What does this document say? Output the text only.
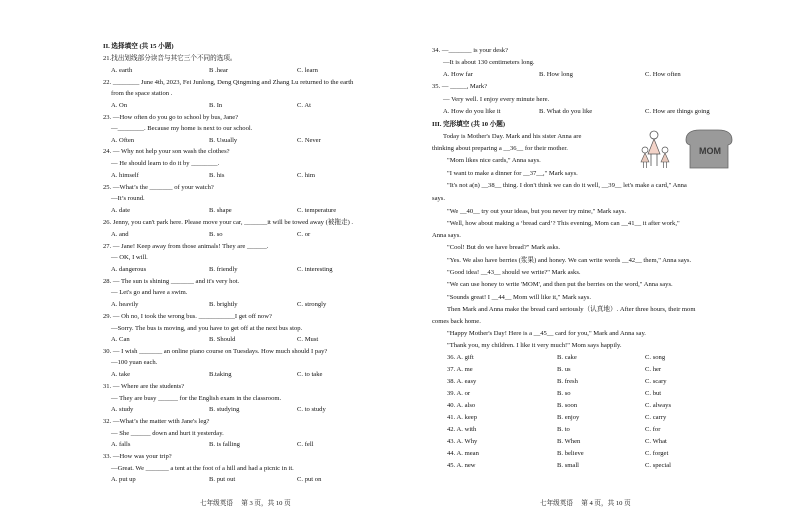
II. 选择填空 (共 15 小题)
21.找出划线部分读音与其它三个不同的选项。
A. earth	B .hear	C. learn
22. ________ June 4th, 2023, Fei Junlong, Deng Qingming and Zhang Lu returned to the earth
from the space station .
A. On	B. In	C. At
23. —How often do you go to school by bus, Jane?
—________. Because my home is next to our school.
A. Often	B. Usually	C. Never
24. — Why not help your son wash the clothes?
— He should learn to do it by ________.
A. himself	B. his	C. him
25. —What’s the _______ of your watch?
—It’s round.
A. date	B. shape	C. temperature
26. Jenny, you can't park here. Please move your car, _______it will be towed away (被拖走) .
A. and	B. so	C. or
27. — Jane! Keep away from those animals! They are ______.
— OK, I will.
A. dangerous	B. friendly	C. interesting
28. — The sun is shining _______ and it's very hot.
— Let's go and have a swim.
A. heavily	B. brightly	C. strongly
29. — Oh no, I took the wrong bus. ___________I get off now?
—Sorry. The bus is moving, and you have to get off at the next bus stop.
A. Can	B. Should	C. Must
30. — I wish _______ an online piano course on Tuesdays. How much should I pay?
—100 yuan each.
A. take	B.taking	C. to take
31. — Where are the students?
— They are busy ______ for the English exam in the classroom.
A. study	B. studying	C. to study
32. —What’s the matter with Jane's leg?
— She ______ down and hurt it yesterday.
A. falls	B. is falling	C. fell
33. —How was your trip?
—Great. We _______ a tent at the foot of a hill and had a picnic in it.
A. put up	B. put out	C. put on
七年级英语　 第 3 页，共 10 页
34. —_______ is your desk?
—It is about 130 centimeters long.
A. How far	B. How long	C. How often
35. — _____, Mark?
— Very well. I enjoy every minute here.
A. How do you like it	B. What do you like	C. How are things going
III. 完形填空 (共 10 小题)
Today is Mother's Day. Mark and his sister Anna are
thinking about preparing a __36__ for their mother.
"Mom likes nice cards," Anna says.
"I want to make a dinner for __37__," Mark says.
"It's not a(n) __38__ thing. I don't think we can do it well, __39__ let's make a card," Anna
says.
"We __40__ try out your ideas, but you never try mine," Mark says.
"Well, how about making a ‘bread card’? This evening, Mom can __41__ it after work,"
Anna says.
"Cool! But do we have bread?" Mark asks.
"Yes. We also have berries (浆果) and honey. We can write words __42__ them," Anna says.
"Good idea! __43__ should we write?" Mark asks.
"We can use honey to write 'MOM', and then put the berries on the word," Anna says.
"Sounds great! I __44__ Mom will like it," Mark says.
Then Mark and Anna make the bread card seriously（认真地）. After three hours, their mom
comes back home.
"Happy Mother's Day! Here is a __45__ card for you," Mark and Anna say.
"Thank you, my children. I like it very much!" Mom says happily.
36. A. gift	B. cake	C. song
37. A. me	B. us	C. her
38. A. easy	B. fresh	C. scary
39. A. or	B. so	C. but
40. A. also	B. soon	C. always
41. A. keep	B. enjoy	C. carry
42. A. with	B. to	C. for
43. A. Why	B. When	C. What
44. A. mean	B. believe	C. forget
45. A. new	B. small	C. special
七年级英语　 第 4 页，共 10 页
MOM
